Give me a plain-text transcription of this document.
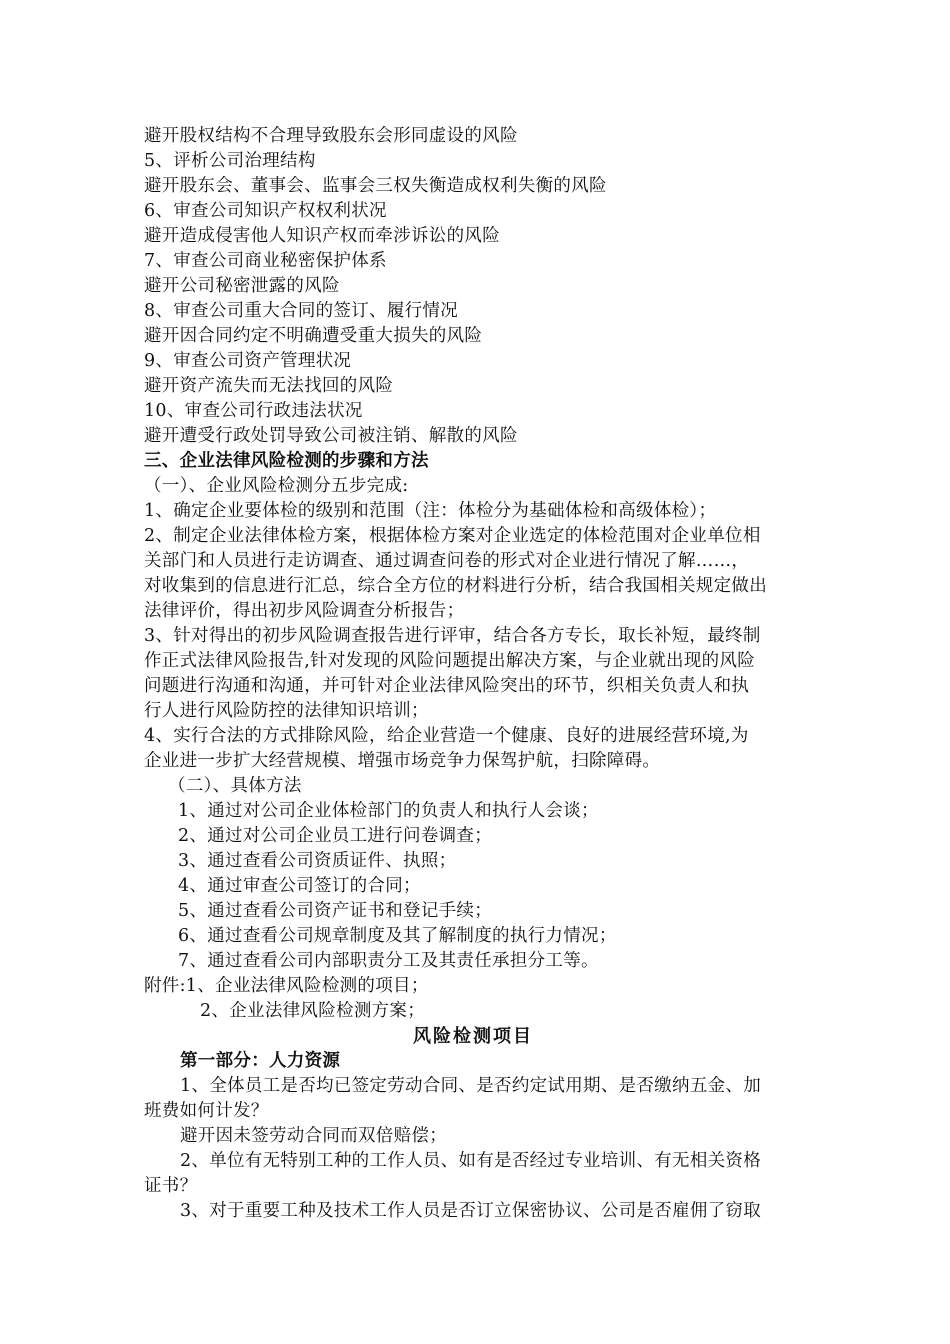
避开股权结构不合理导致股东会形同虚设的风险
5、评析公司治理结构
避开股东会、董事会、监事会三权失衡造成权利失衡的风险
6、审查公司知识产权权利状况
避开造成侵害他人知识产权而牵涉诉讼的风险
7、审查公司商业秘密保护体系
避开公司秘密泄露的风险
8、审查公司重大合同的签订、履行情况
避开因合同约定不明确遭受重大损失的风险
9、审查公司资产管理状况
避开资产流失而无法找回的风险
10、审查公司行政违法状况
避开遭受行政处罚导致公司被注销、解散的风险
三、企业法律风险检测的步骤和方法
（一）、企业风险检测分五步完成:
1、确定企业要体检的级别和范围（注：体检分为基础体检和高级体检）；
2、制定企业法律体检方案，根据体检方案对企业选定的体检范围对企业单位相
关部门和人员进行走访调查、通过调查问卷的形式对企业进行情况了解……，
对收集到的信息进行汇总，综合全方位的材料进行分析，结合我国相关规定做出
法律评价，得出初步风险调查分析报告；
3、针对得出的初步风险调查报告进行评审，结合各方专长，取长补短，最终制
作正式法律风险报告,针对发现的风险问题提出解决方案，与企业就出现的风险
问题进行沟通和沟通，并可针对企业法律风险突出的环节，织相关负责人和执
行人进行风险防控的法律知识培训；
4、实行合法的方式排除风险，给企业营造一个健康、良好的进展经营环境,为
企业进一步扩大经营规模、增强市场竞争力保驾护航，扫除障碍。
（二）、具体方法
1、通过对公司企业体检部门的负责人和执行人会谈；
2、通过对公司企业员工进行问卷调查；
3、通过查看公司资质证件、执照；
4、通过审查公司签订的合同；
5、通过查看公司资产证书和登记手续；
6、通过查看公司规章制度及其了解制度的执行力情况；
7、通过查看公司内部职责分工及其责任承担分工等。
附件:1、企业法律风险检测的项目；
2、企业法律风险检测方案；
风险检测项目
第一部分：人力资源
1、全体员工是否均已签定劳动合同、是否约定试用期、是否缴纳五金、加
班费如何计发？
避开因未签劳动合同而双倍赔偿；
2、单位有无特别工种的工作人员、如有是否经过专业培训、有无相关资格
证书？
3、对于重要工种及技术工作人员是否订立保密协议、公司是否雇佣了窃取
